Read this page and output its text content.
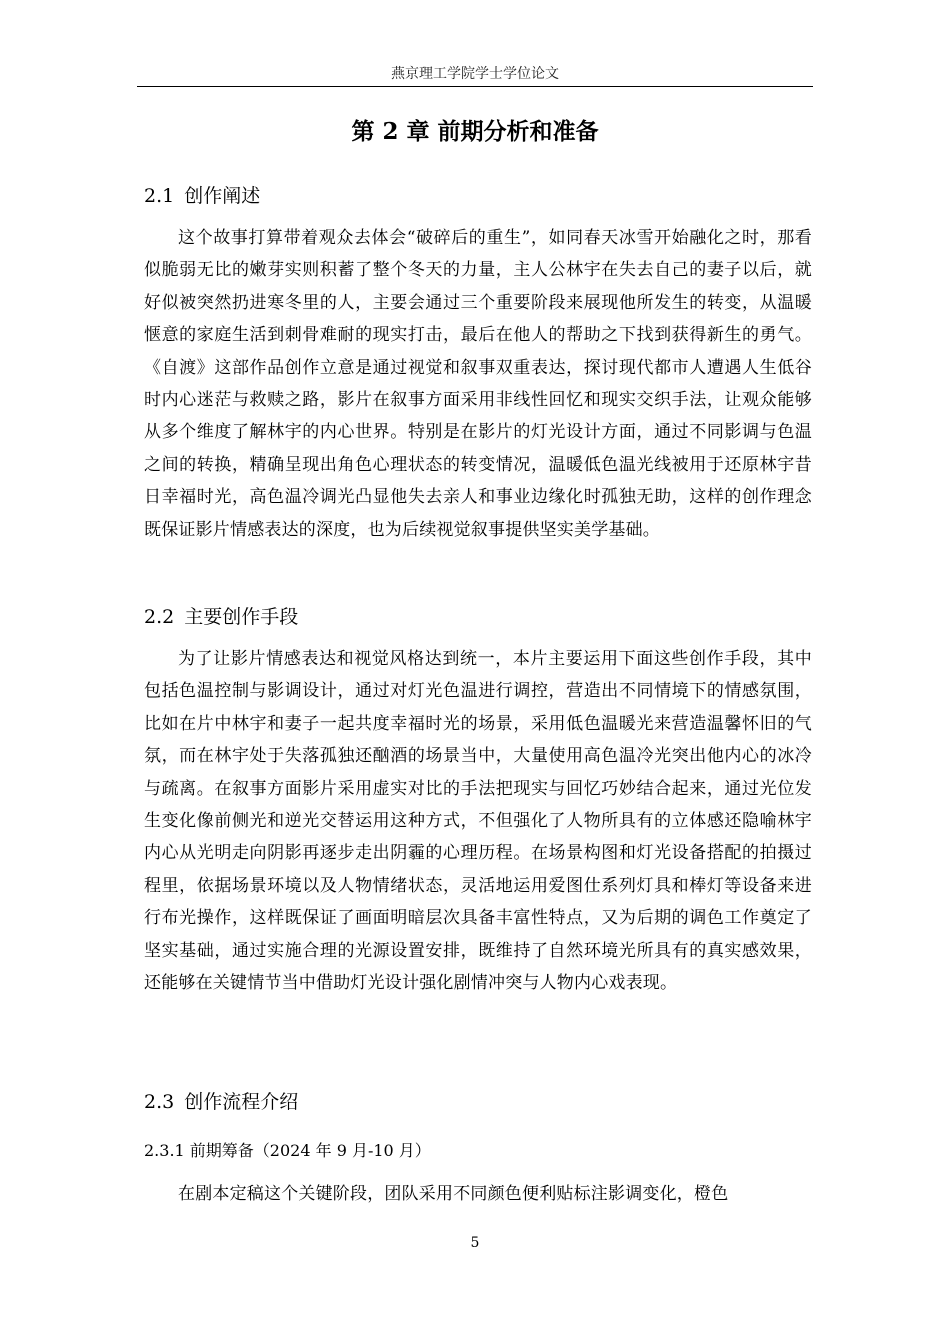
燕京理工学院学士学位论文
第 2 章 前期分析和准备
2.1 创作阐述

这个故事打算带着观众去体会“破碎后的重生”，如同春天冰雪开始融化之时，那看似脆弱无比的嫩芽实则积蓄了整个冬天的力量，主人公林宇在失去自己的妻子以后，就好似被突然扔进寒冬里的人，主要会通过三个重要阶段来展现他所发生的转变，从温暖惬意的家庭生活到刺骨难耐的现实打击，最后在他人的帮助之下找到获得新生的勇气。《自渡》这部作品创作立意是通过视觉和叙事双重表达，探讨现代都市人遭遇人生低谷时内心迷茫与救赎之路，影片在叙事方面采用非线性回忆和现实交织手法，让观众能够从多个维度了解林宇的内心世界。特别是在影片的灯光设计方面，通过不同影调与色温之间的转换，精确呈现出角色心理状态的转变情况，温暖低色温光线被用于还原林宇昔日幸福时光，高色温冷调光凸显他失去亲人和事业边缘化时孤独无助，这样的创作理念既保证影片情感表达的深度，也为后续视觉叙事提供坚实美学基础。

2.2 主要创作手段

为了让影片情感表达和视觉风格达到统一，本片主要运用下面这些创作手段，其中包括色温控制与影调设计，通过对灯光色温进行调控，营造出不同情境下的情感氛围，比如在片中林宇和妻子一起共度幸福时光的场景，采用低色温暖光来营造温馨怀旧的气氛，而在林宇处于失落孤独还酗酒的场景当中，大量使用高色温冷光突出他内心的冰冷与疏离。在叙事方面影片采用虚实对比的手法把现实与回忆巧妙结合起来，通过光位发生变化像前侧光和逆光交替运用这种方式，不但强化了人物所具有的立体感还隐喻林宇内心从光明走向阴影再逐步走出阴霾的心理历程。在场景构图和灯光设备搭配的拍摄过程里，依据场景环境以及人物情绪状态，灵活地运用爱图仕系列灯具和棒灯等设备来进行布光操作，这样既保证了画面明暗层次具备丰富性特点，又为后期的调色工作奠定了坚实基础，通过实施合理的光源设置安排，既维持了自然环境光所具有的真实感效果，还能够在关键情节当中借助灯光设计强化剧情冲突与人物内心戏表现。

2.3 创作流程介绍
2.3.1 前期筹备（2024 年 9 月-10 月）

在剧本定稿这个关键阶段，团队采用不同颜色便利贴标注影调变化，橙色

5
